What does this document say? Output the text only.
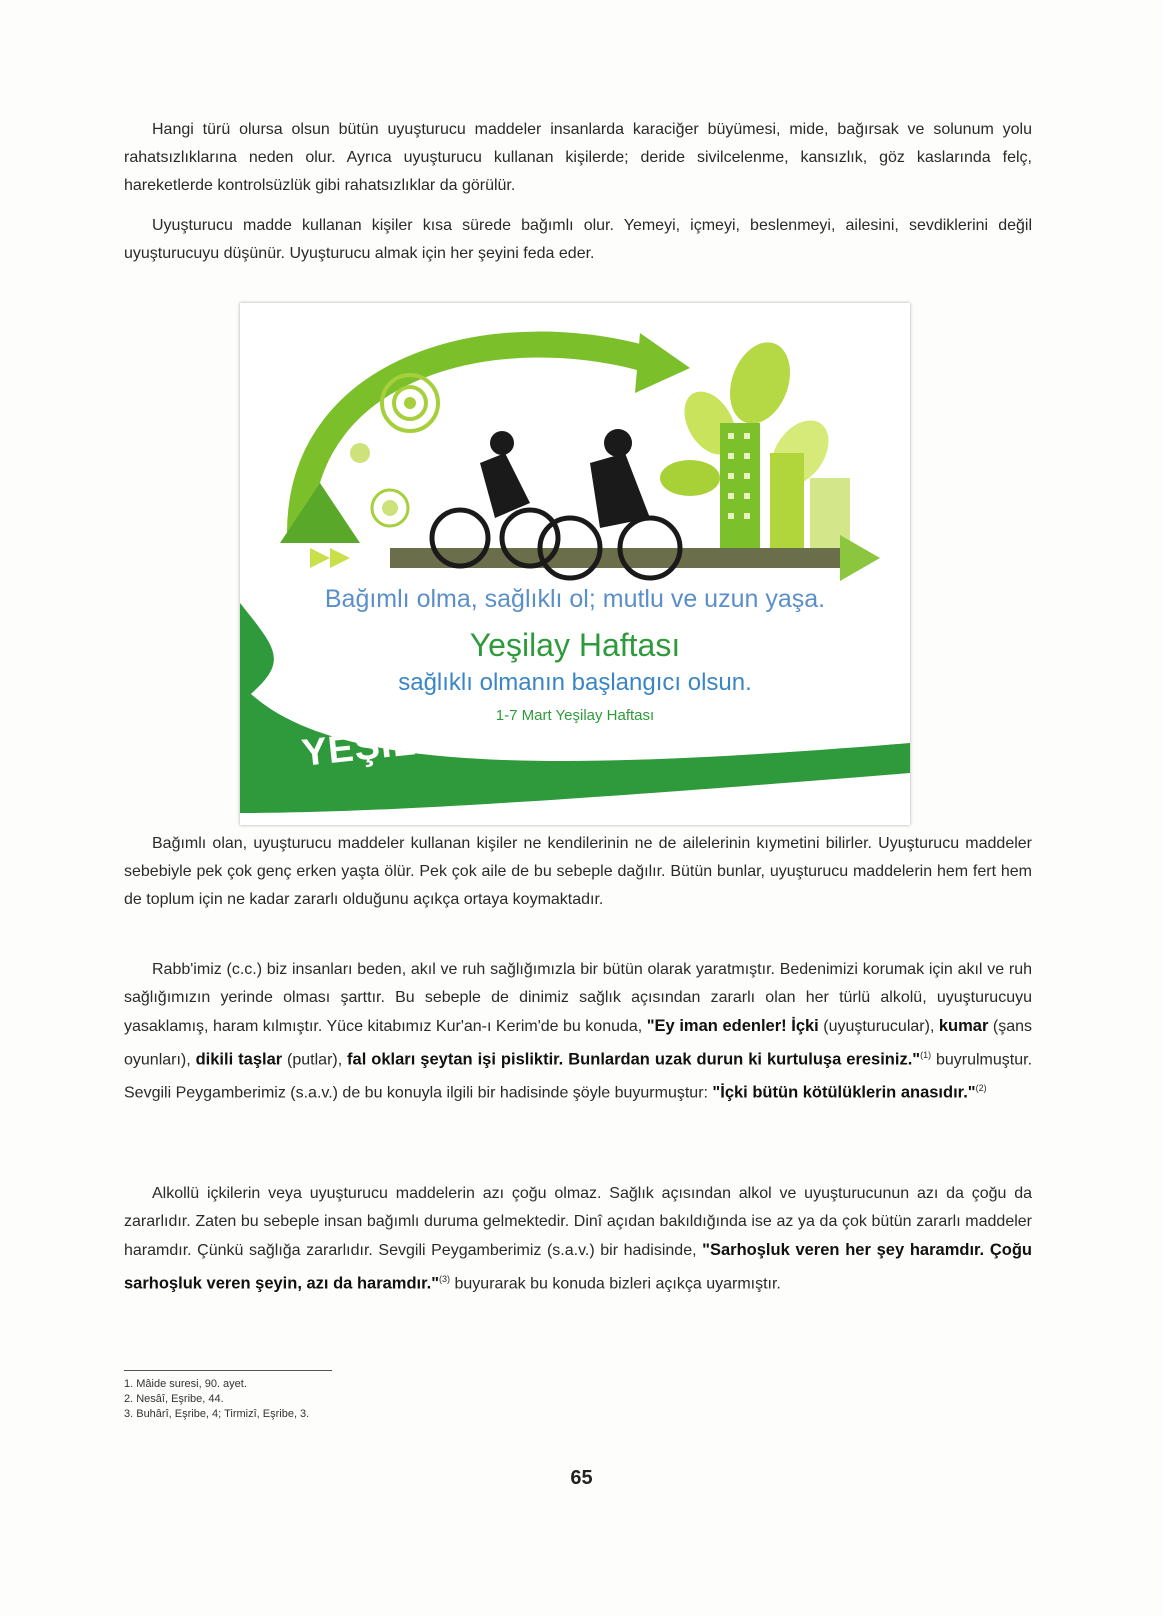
Hangi türü olursa olsun bütün uyuşturucu maddeler insanlarda karaciğer büyümesi, mide, bağırsak ve solunum yolu rahatsızlıklarına neden olur. Ayrıca uyuşturucu kullanan kişilerde; deride sivilcelenme, kansızlık, göz kaslarında felç, hareketlerde kontrolsüzlük gibi rahatsızlıklar da görülür.

Uyuşturucu madde kullanan kişiler kısa sürede bağımlı olur. Yemeyi, içmeyi, beslenmeyi, ailesini, sevdiklerini değil uyuşturucuyu düşünür. Uyuşturucu almak için her şeyini feda eder.

Bağımlı olma, sağlıklı ol; mutlu ve uzun yaşa.
Yeşilay Haftası
sağlıklı olmanın başlangıcı olsun.
1-7 Mart Yeşilay Haftası
YEŞİLAY

Bağımlı olan, uyuşturucu maddeler kullanan kişiler ne kendilerinin ne de ailelerinin kıymetini bilirler. Uyuşturucu maddeler sebebiyle pek çok genç erken yaşta ölür. Pek çok aile de bu sebeple dağılır. Bütün bunlar, uyuşturucu maddelerin hem fert hem de toplum için ne kadar zararlı olduğunu açıkça ortaya koymaktadır.

Rabb'imiz (c.c.) biz insanları beden, akıl ve ruh sağlığımızla bir bütün olarak yaratmıştır. Bedenimizi korumak için akıl ve ruh sağlığımızın yerinde olması şarttır. Bu sebeple de dinimiz sağlık açısından zararlı olan her türlü alkolü, uyuşturucuyu yasaklamış, haram kılmıştır. Yüce kitabımız Kur'an-ı Kerim'de bu konuda, "Ey iman edenler! İçki (uyuşturucular), kumar (şans oyunları), dikili taşlar (putlar), fal okları şeytan işi pisliktir. Bunlardan uzak durun ki kurtuluşa eresiniz."$^{(1)}$ buyrulmuştur. Sevgili Peygamberimiz (s.a.v.) de bu konuyla ilgili bir hadisinde şöyle buyurmuştur: "İçki bütün kötülüklerin anasıdır."$^{(2)}$

Alkollü içkilerin veya uyuşturucu maddelerin azı çoğu olmaz. Sağlık açısından alkol ve uyuşturucunun azı da çoğu da zararlıdır. Zaten bu sebeple insan bağımlı duruma gelmektedir. Dinî açıdan bakıldığında ise az ya da çok bütün zararlı maddeler haramdır. Çünkü sağlığa zararlıdır. Sevgili Peygamberimiz (s.a.v.) bir hadisinde, "Sarhoşluk veren her şey haramdır. Çoğu sarhoşluk veren şeyin, azı da haramdır."$^{(3)}$ buyurarak bu konuda bizleri açıkça uyarmıştır.

1. Mâide suresi, 90. ayet.
2. Nesâî, Eşribe, 44.
3. Buhârî, Eşribe, 4; Tirmizî, Eşribe, 3.
65
